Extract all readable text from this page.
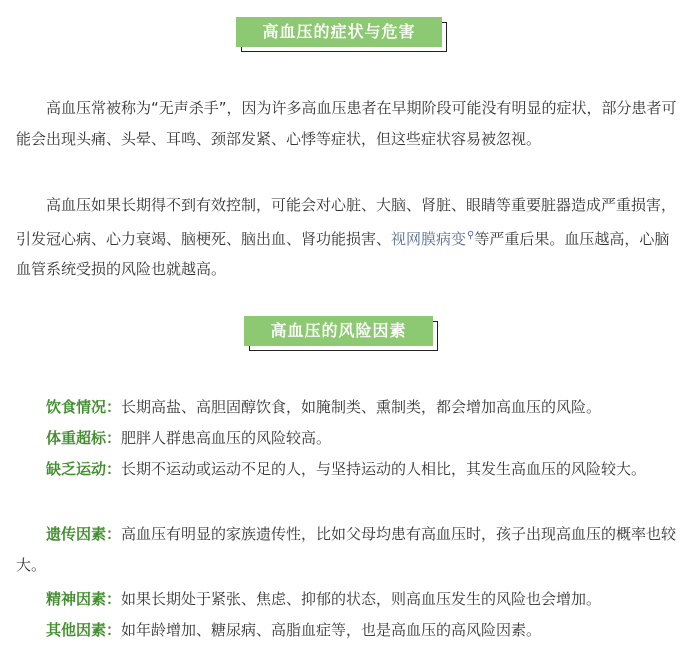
高血压的症状与危害

高血压常被称为“无声杀手”，因为许多高血压患者在早期阶段可能没有明显的症状，部分患者可能会出现头痛、头晕、耳鸣、颈部发紧、心悸等症状，但这些症状容易被忽视。

高血压如果长期得不到有效控制，可能会对心脏、大脑、肾脏、眼睛等重要脏器造成严重损害，引发冠心病、心力衰竭、脑梗死、脑出血、肾功能损害、视网膜病变⚲等严重后果。血压越高，心脑血管系统受损的风险也就越高。

高血压的风险因素

饮食情况：长期高盐、高胆固醇饮食，如腌制类、熏制类，都会增加高血压的风险。

体重超标：肥胖人群患高血压的风险较高。

缺乏运动：长期不运动或运动不足的人，与坚持运动的人相比，其发生高血压的风险较大。

遗传因素：高血压有明显的家族遗传性，比如父母均患有高血压时，孩子出现高血压的概率也较大。

精神因素：如果长期处于紧张、焦虑、抑郁的状态，则高血压发生的风险也会增加。

其他因素：如年龄增加、糖尿病、高脂血症等，也是高血压的高风险因素。
